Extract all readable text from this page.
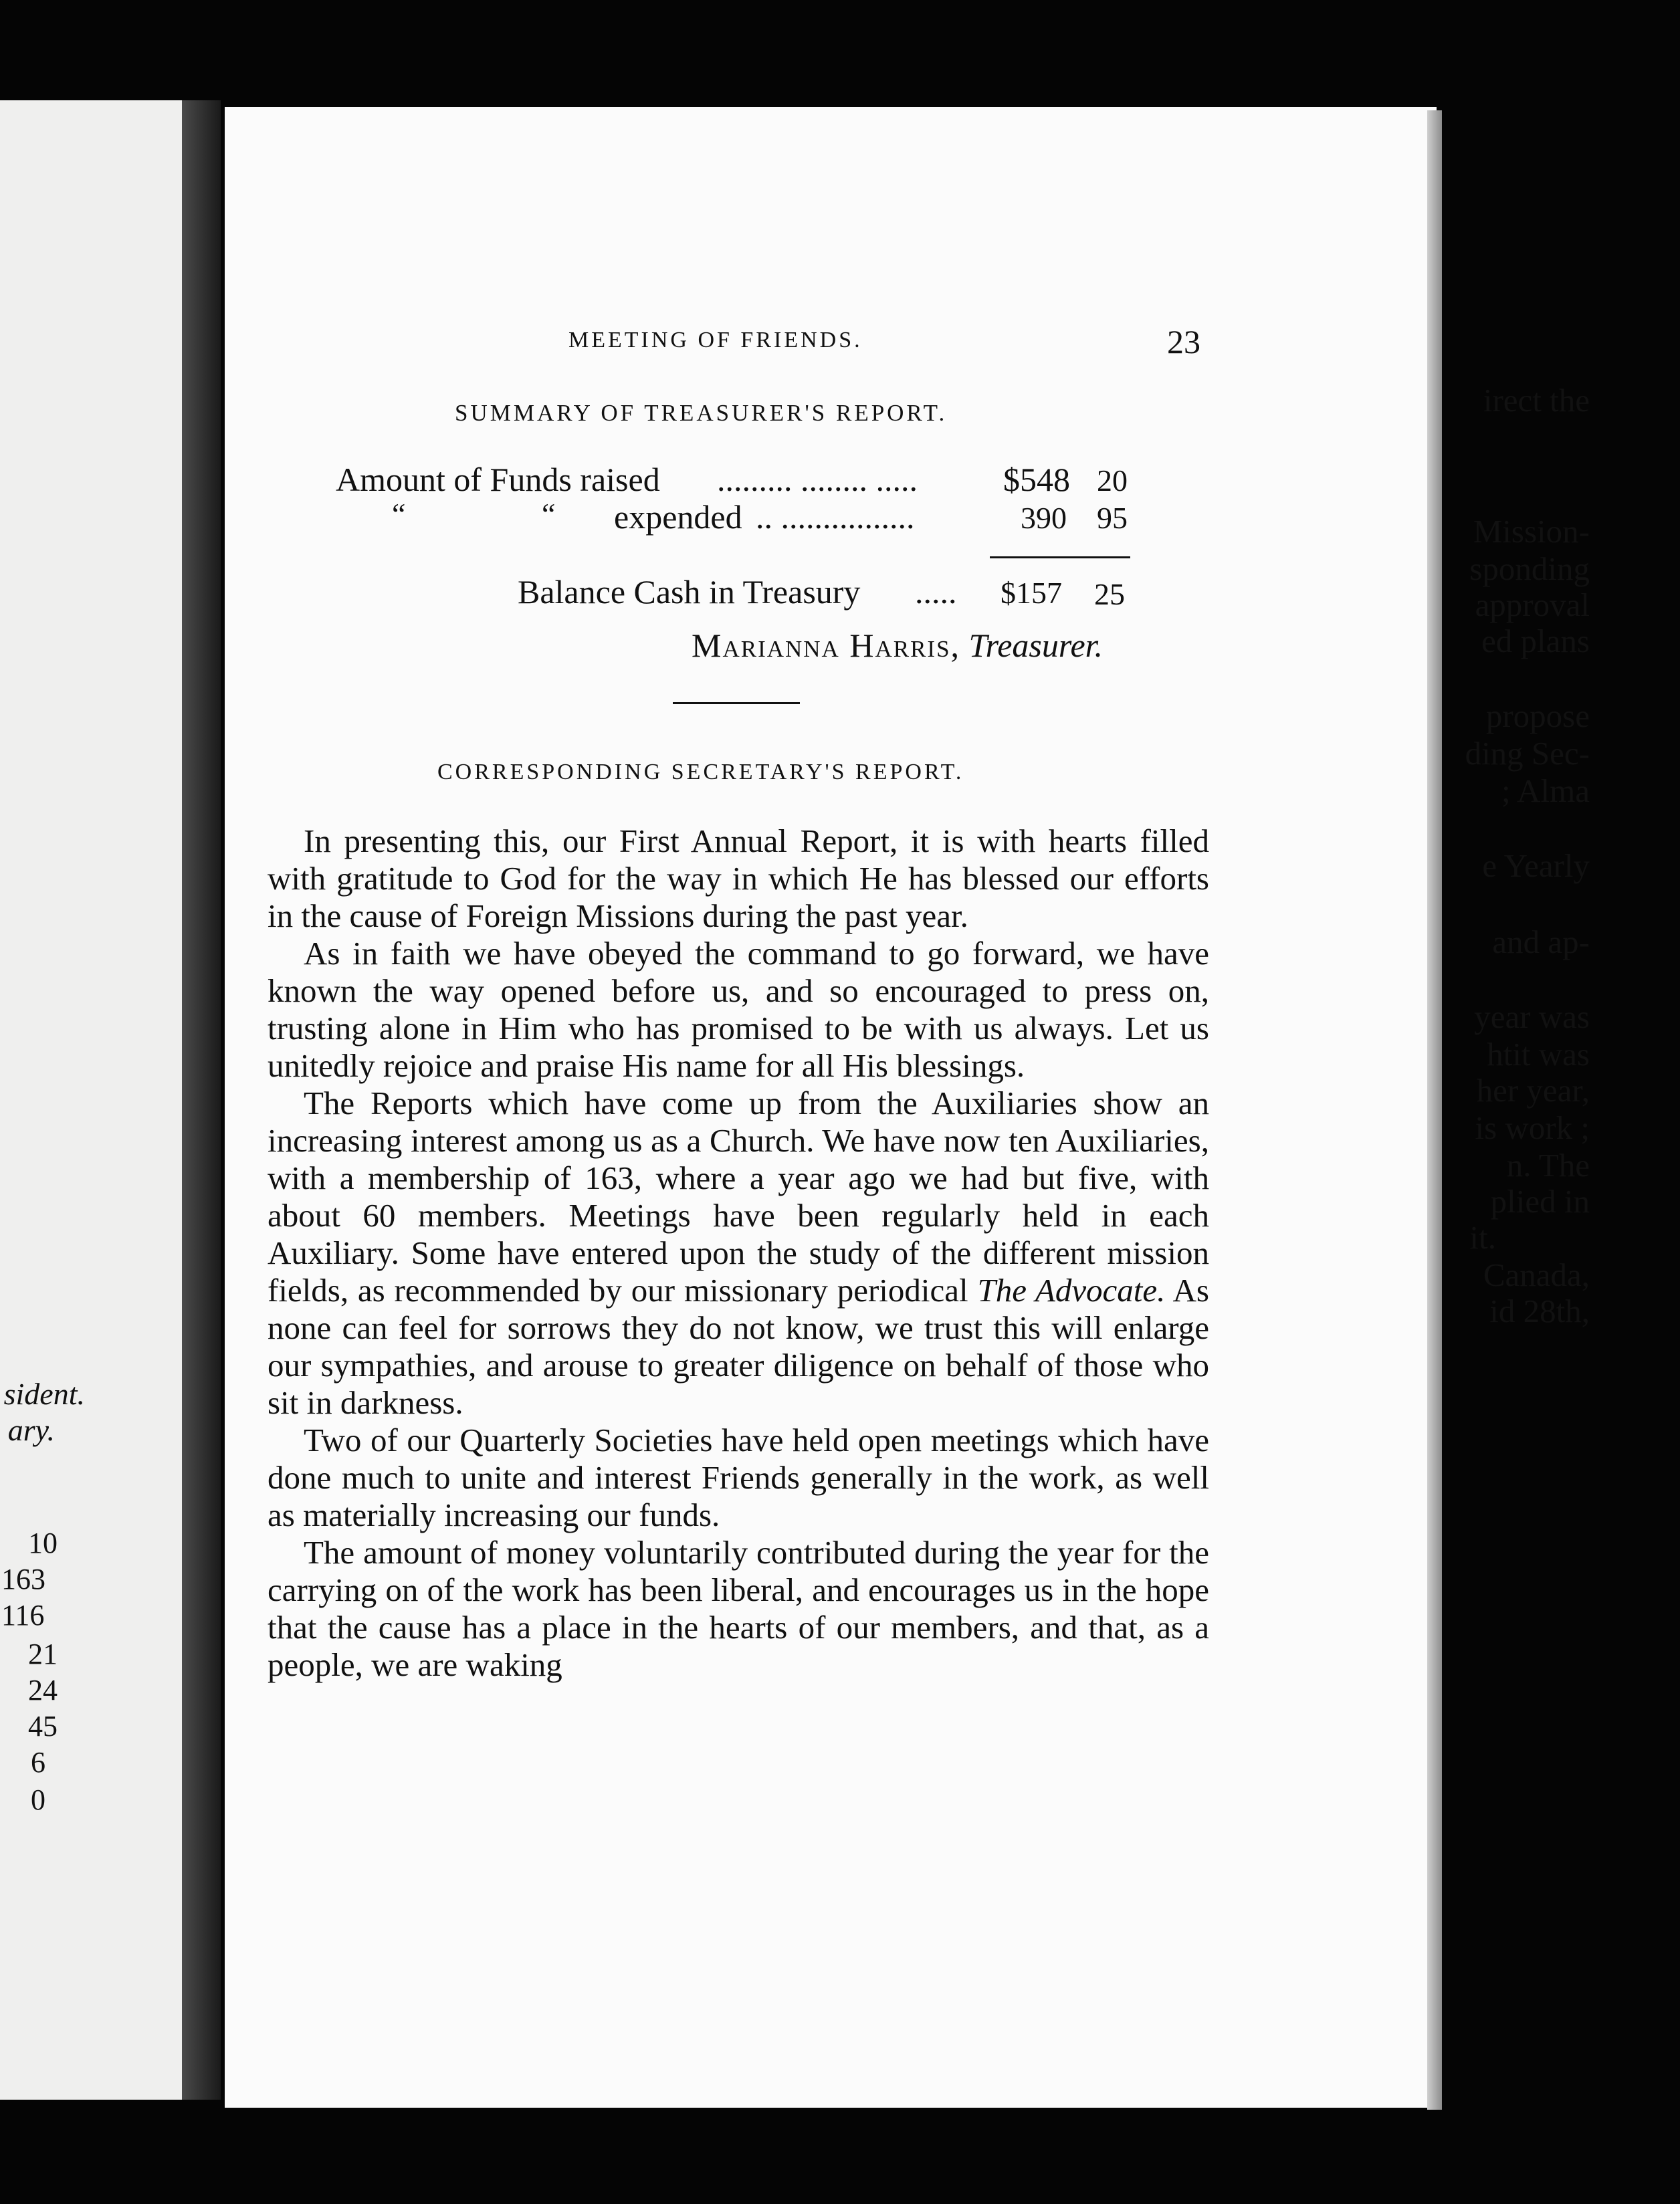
irect the
Mission-
sponding
approval
ed plans
propose
ding Sec-
; Alma
e Yearly
and ap-
year was
htit was
her year,
is work ;
n. The
plied in
it.
Canada,
id 28th,
sident.
ary.
10
163
116
21
24
45
6
0
MEETING OF FRIENDS.	23
SUMMARY OF TREASURER'S REPORT.
Amount of Funds raised ......... ........ .....	$548 20
“	“ expended .. ................	390 95
Balance Cash in Treasury ..... $157 25
Marianna Harris, Treasurer.
CORRESPONDING SECRETARY'S REPORT.

In presenting this, our First Annual Report, it is with hearts filled with gratitude to God for the way in which He has blessed our efforts in the cause of Foreign Missions during the past year.

As in faith we have obeyed the command to go forward, we have known the way opened before us, and so encouraged to press on, trusting alone in Him who has promised to be with us always. Let us unitedly rejoice and praise His name for all His blessings.

The Reports which have come up from the Auxiliaries show an increasing interest among us as a Church. We have now ten Auxiliaries, with a membership of 163, where a year ago we had but five, with about 60 members. Meetings have been regularly held in each Auxiliary. Some have entered upon the study of the different mission fields, as recommended by our missionary periodical The Advocate. As none can feel for sorrows they do not know, we trust this will enlarge our sympathies, and arouse to greater diligence on behalf of those who sit in darkness.

Two of our Quarterly Societies have held open meetings which have done much to unite and interest Friends generally in the work, as well as materially increasing our funds.

The amount of money voluntarily contributed during the year for the carrying on of the work has been liberal, and encourages us in the hope that the cause has a place in the hearts of our members, and that, as a people, we are waking
